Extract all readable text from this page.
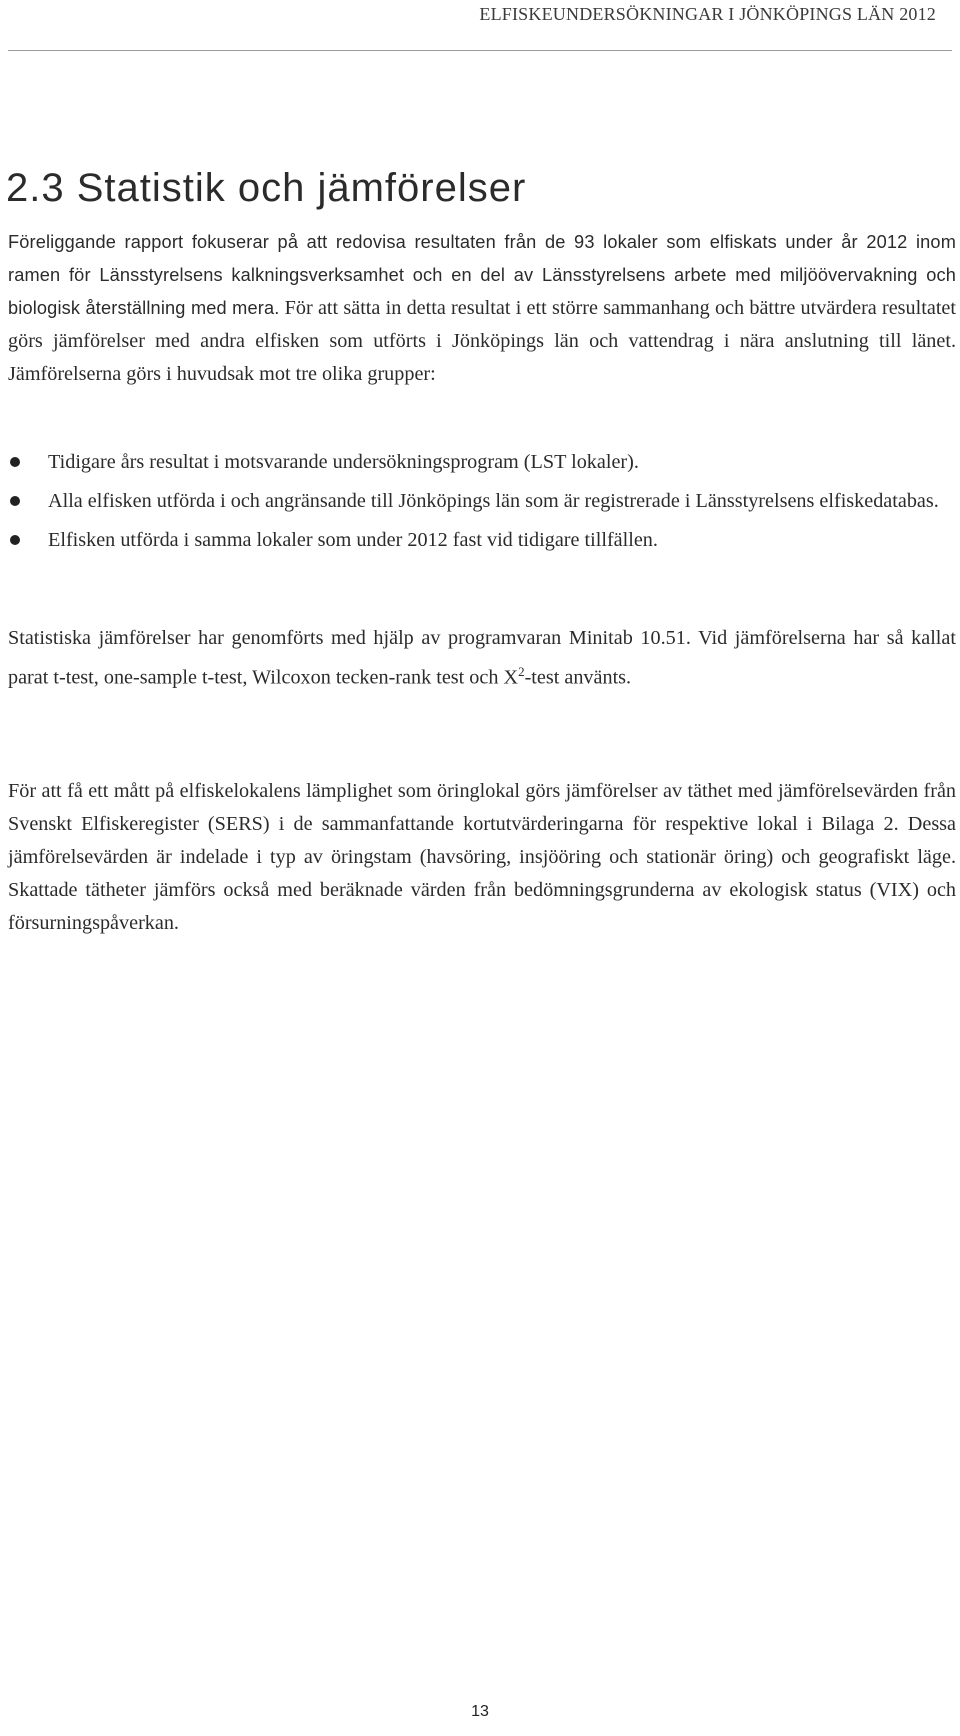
ELFISKEUNDERSÖKNINGAR I JÖNKÖPINGS LÄN 2012
2.3 Statistik och jämförelser

Föreliggande rapport fokuserar på att redovisa resultaten från de 93 lokaler som elfiskats under år 2012 inom ramen för Länsstyrelsens kalkningsverksamhet och en del av Länsstyrelsens arbete med miljöövervakning och biologisk återställning med mera. För att sätta in detta resultat i ett större sammanhang och bättre utvärdera resultatet görs jämförelser med andra elfisken som utförts i Jönköpings län och vattendrag i nära anslutning till länet. Jämförelserna görs i huvudsak mot tre olika grupper:

Tidigare års resultat i motsvarande undersökningsprogram (LST lokaler).
Alla elfisken utförda i och angränsande till Jönköpings län som är registrerade i Länsstyrelsens elfiskedatabas.
Elfisken utförda i samma lokaler som under 2012 fast vid tidigare tillfällen.

Statistiska jämförelser har genomförts med hjälp av programvaran Minitab 10.51. Vid jämförelserna har så kallat parat t-test, one-sample t-test, Wilcoxon tecken-rank test och $X^2$-test använts.

För att få ett mått på elfiskelokalens lämplighet som öringlokal görs jämförelser av täthet med jämförelsevärden från Svenskt Elfiskeregister (SERS) i de sammanfattande kortutvärderingarna för respektive lokal i Bilaga 2. Dessa jämförelsevärden är indelade i typ av öringstam (havsöring, insjööring och stationär öring) och geografiskt läge. Skattade tätheter jämförs också med beräknade värden från bedömningsgrunderna av ekologisk status (VIX) och försurningspåverkan.

13
